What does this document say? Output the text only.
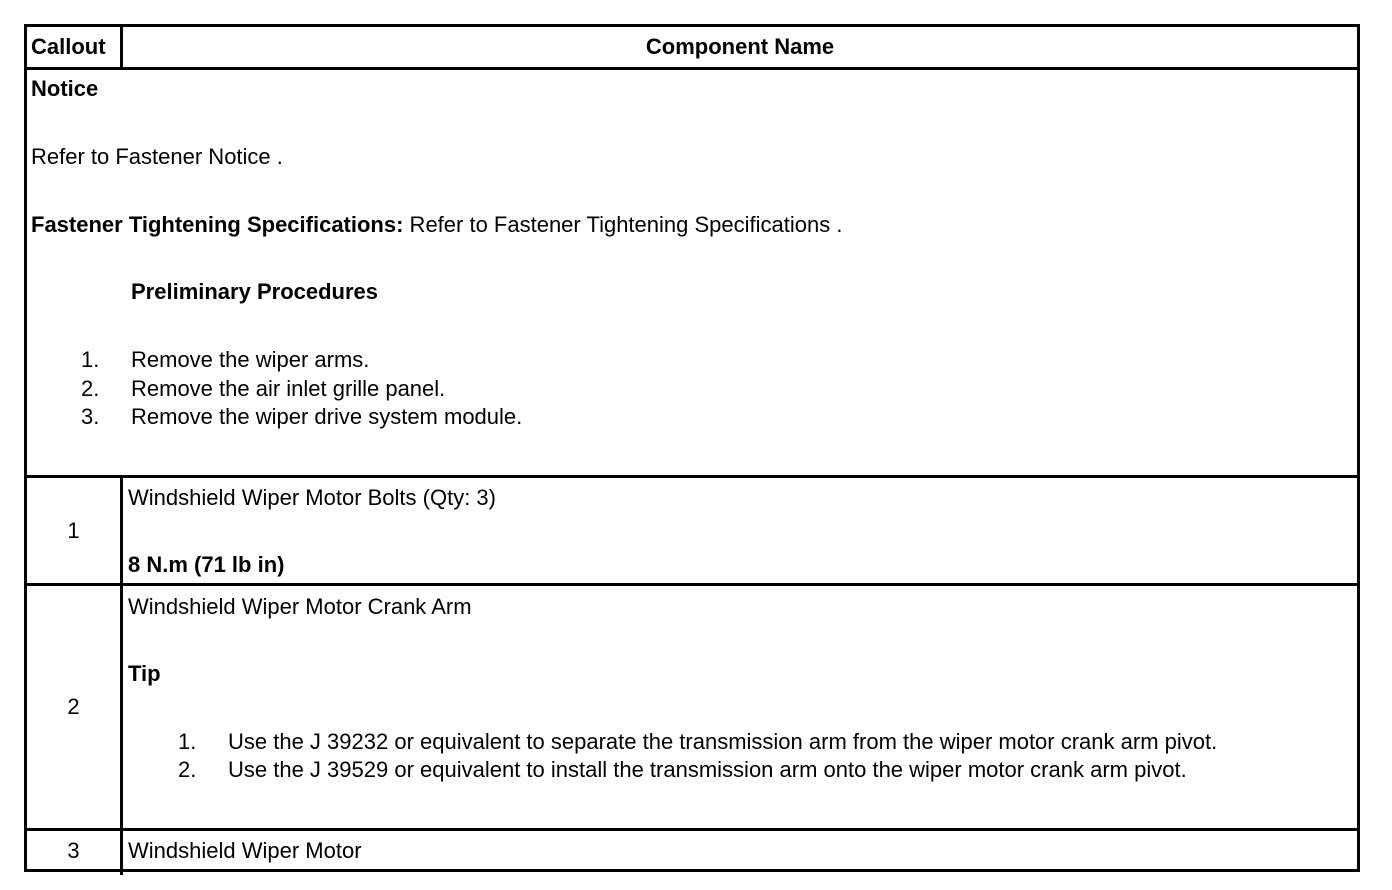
Callout	Component Name
Notice
Refer to Fastener Notice .
Fastener Tightening Specifications: Refer to Fastener Tightening Specifications .
Preliminary Procedures
1. Remove the wiper arms.
2. Remove the air inlet grille panel.
3. Remove the wiper drive system module.
1
Windshield Wiper Motor Bolts (Qty: 3)
8 N.m (71 lb in)
2
Windshield Wiper Motor Crank Arm
Tip
1. Use the J 39232 or equivalent to separate the transmission arm from the wiper motor crank arm pivot.
2. Use the J 39529 or equivalent to install the transmission arm onto the wiper motor crank arm pivot.
3	Windshield Wiper Motor
